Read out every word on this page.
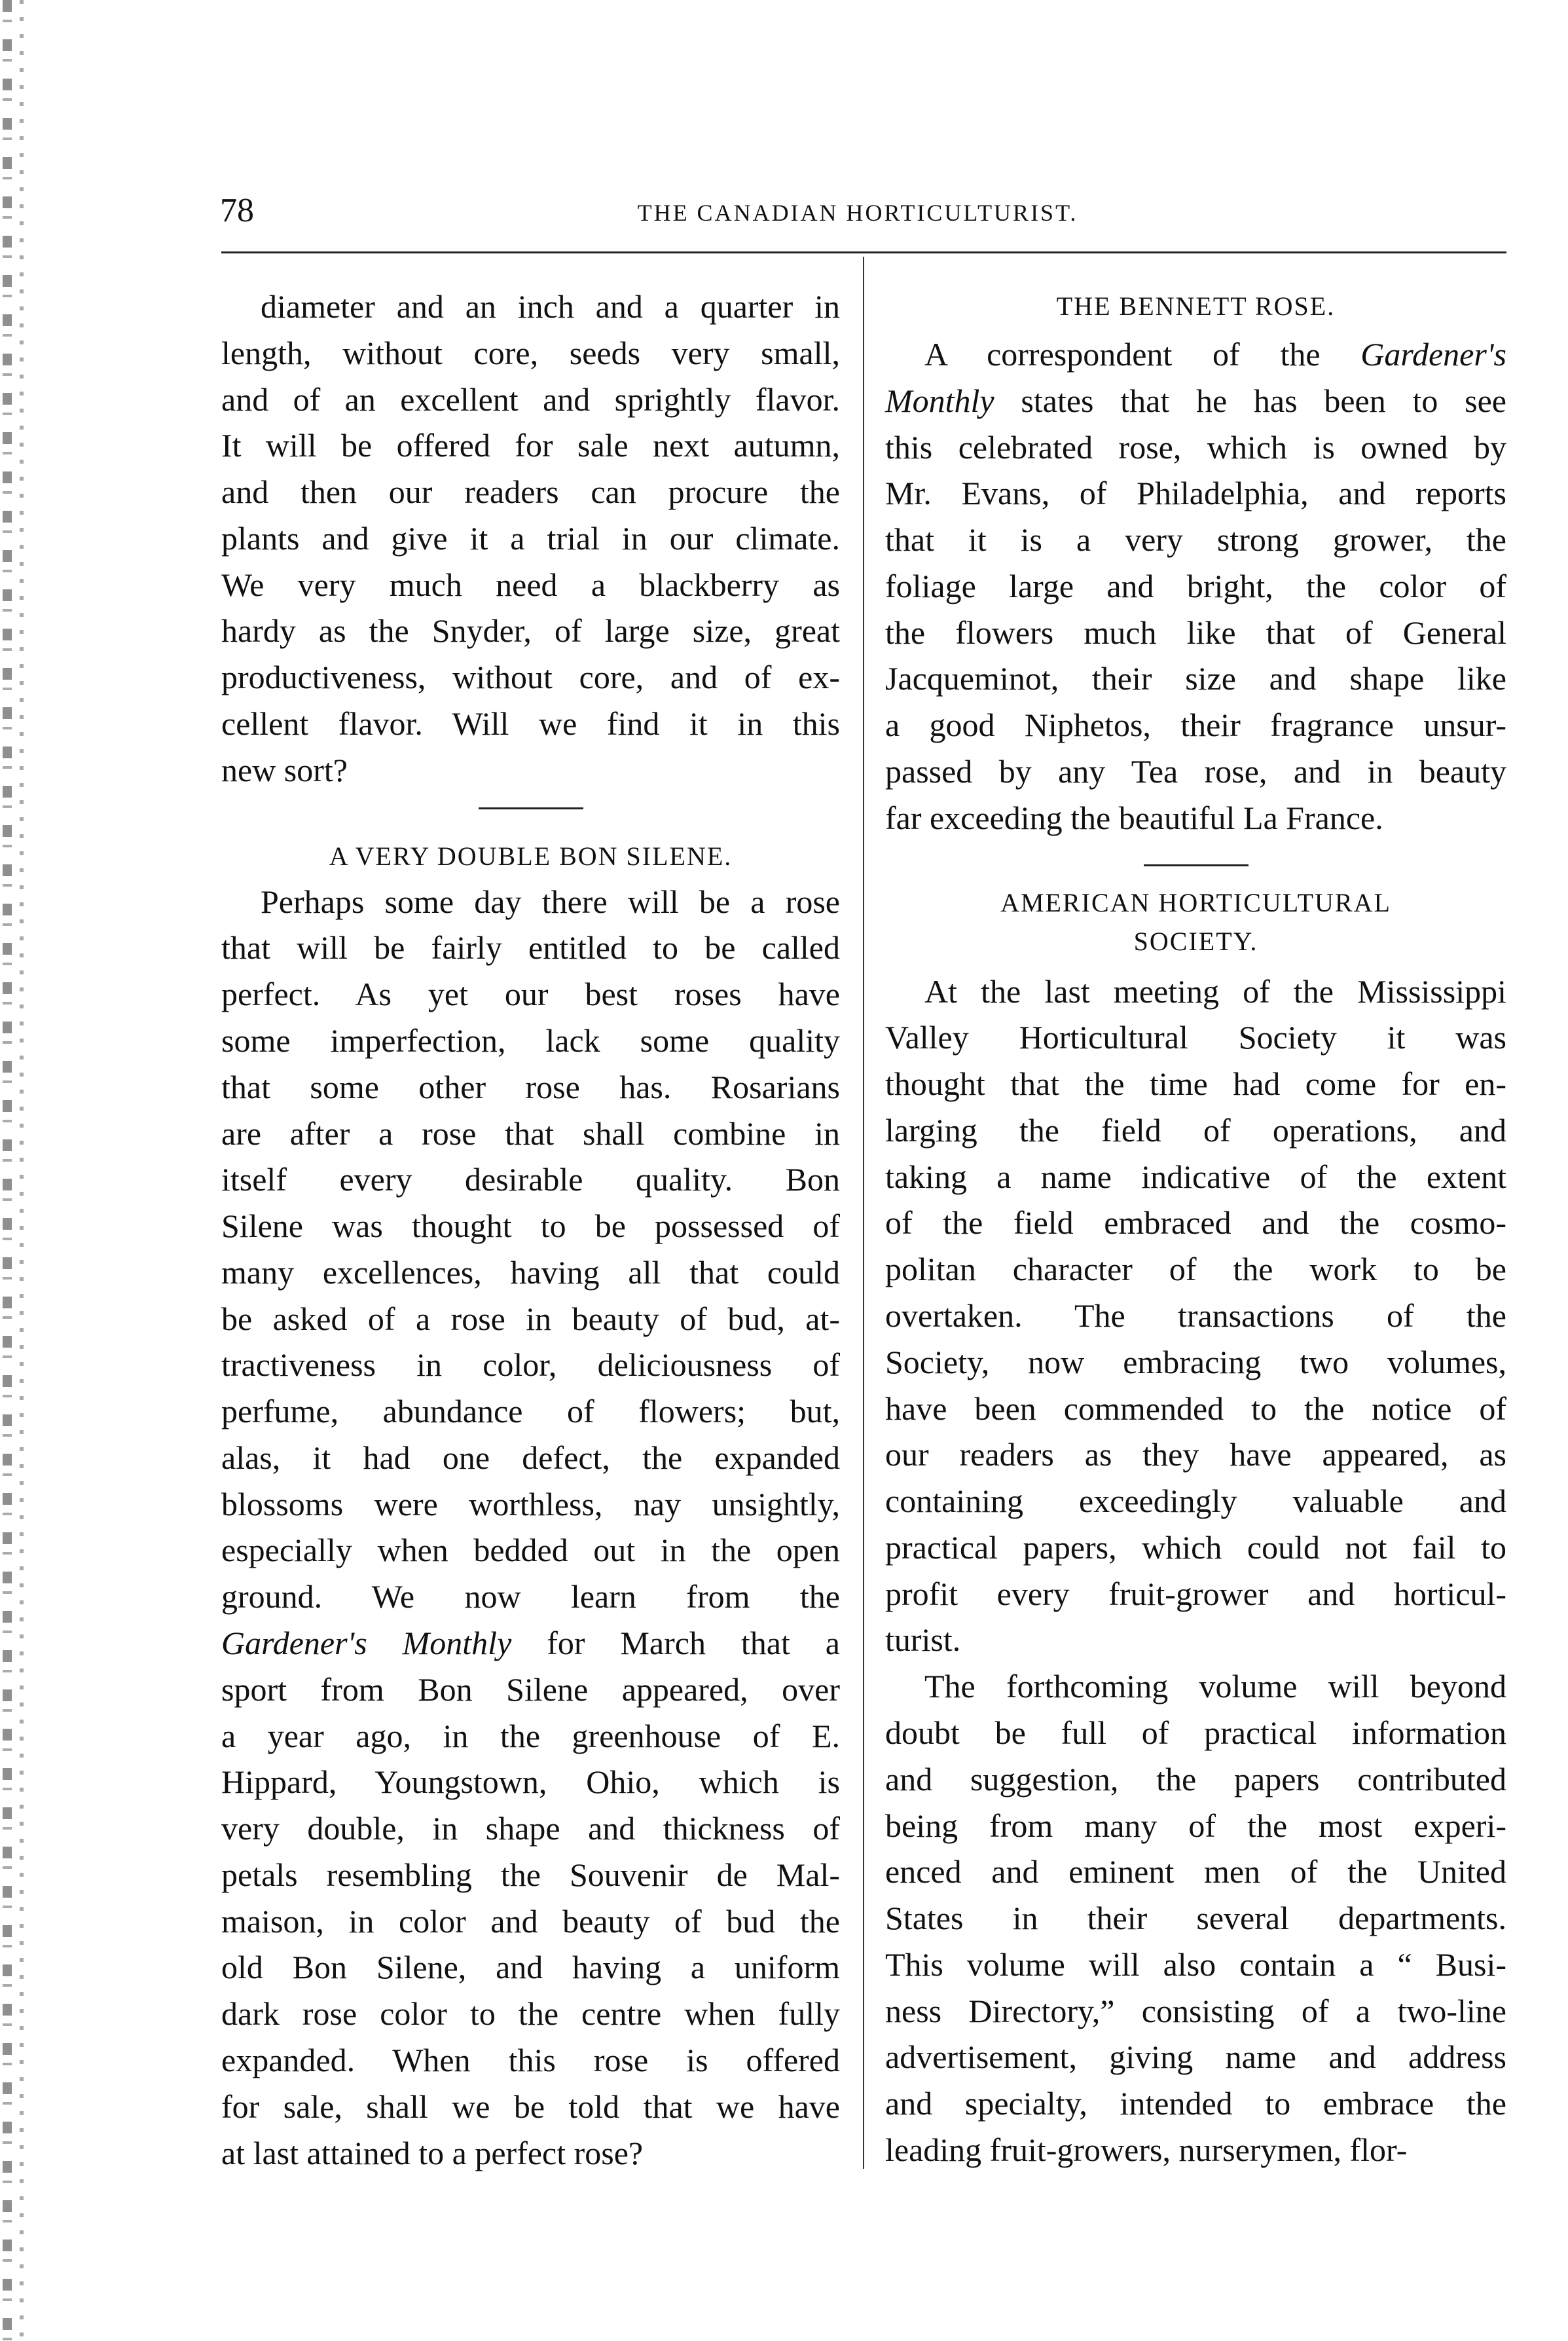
78	THE CANADIAN HORTICULTURIST.
diameter and an inch and a quarter in
length, without core, seeds very small,
and of an excellent and sprightly flavor.
It will be offered for sale next autumn,
and then our readers can procure the
plants and give it a trial in our climate.
We very much need a blackberry as
hardy as the Snyder, of large size, great
productiveness, without core, and of ex-
cellent flavor. Will we find it in this
new sort?
A VERY DOUBLE BON SILENE.
Perhaps some day there will be a rose
that will be fairly entitled to be called
perfect. As yet our best roses have
some imperfection, lack some quality
that some other rose has. Rosarians
are after a rose that shall combine in
itself every desirable quality. Bon
Silene was thought to be possessed of
many excellences, having all that could
be asked of a rose in beauty of bud, at-
tractiveness in color, deliciousness of
perfume, abundance of flowers; but,
alas, it had one defect, the expanded
blossoms were worthless, nay unsightly,
especially when bedded out in the open
ground. We now learn from the
Gardener's Monthly for March that a
sport from Bon Silene appeared, over
a year ago, in the greenhouse of E.
Hippard, Youngstown, Ohio, which is
very double, in shape and thickness of
petals resembling the Souvenir de Mal-
maison, in color and beauty of bud the
old Bon Silene, and having a uniform
dark rose color to the centre when fully
expanded. When this rose is offered
for sale, shall we be told that we have
at last attained to a perfect rose?
THE BENNETT ROSE.
A correspondent of the Gardener's
Monthly states that he has been to see
this celebrated rose, which is owned by
Mr. Evans, of Philadelphia, and reports
that it is a very strong grower, the
foliage large and bright, the color of
the flowers much like that of General
Jacqueminot, their size and shape like
a good Niphetos, their fragrance unsur-
passed by any Tea rose, and in beauty
far exceeding the beautiful La France.
AMERICAN HORTICULTURAL
SOCIETY.
At the last meeting of the Mississippi
Valley Horticultural Society it was
thought that the time had come for en-
larging the field of operations, and
taking a name indicative of the extent
of the field embraced and the cosmo-
politan character of the work to be
overtaken. The transactions of the
Society, now embracing two volumes,
have been commended to the notice of
our readers as they have appeared, as
containing exceedingly valuable and
practical papers, which could not fail to
profit every fruit-grower and horticul-
turist.
The forthcoming volume will beyond
doubt be full of practical information
and suggestion, the papers contributed
being from many of the most experi-
enced and eminent men of the United
States in their several departments.
This volume will also contain a “ Busi-
ness Directory,” consisting of a two-line
advertisement, giving name and address
and specialty, intended to embrace the
leading fruit-growers, nurserymen, flor-
